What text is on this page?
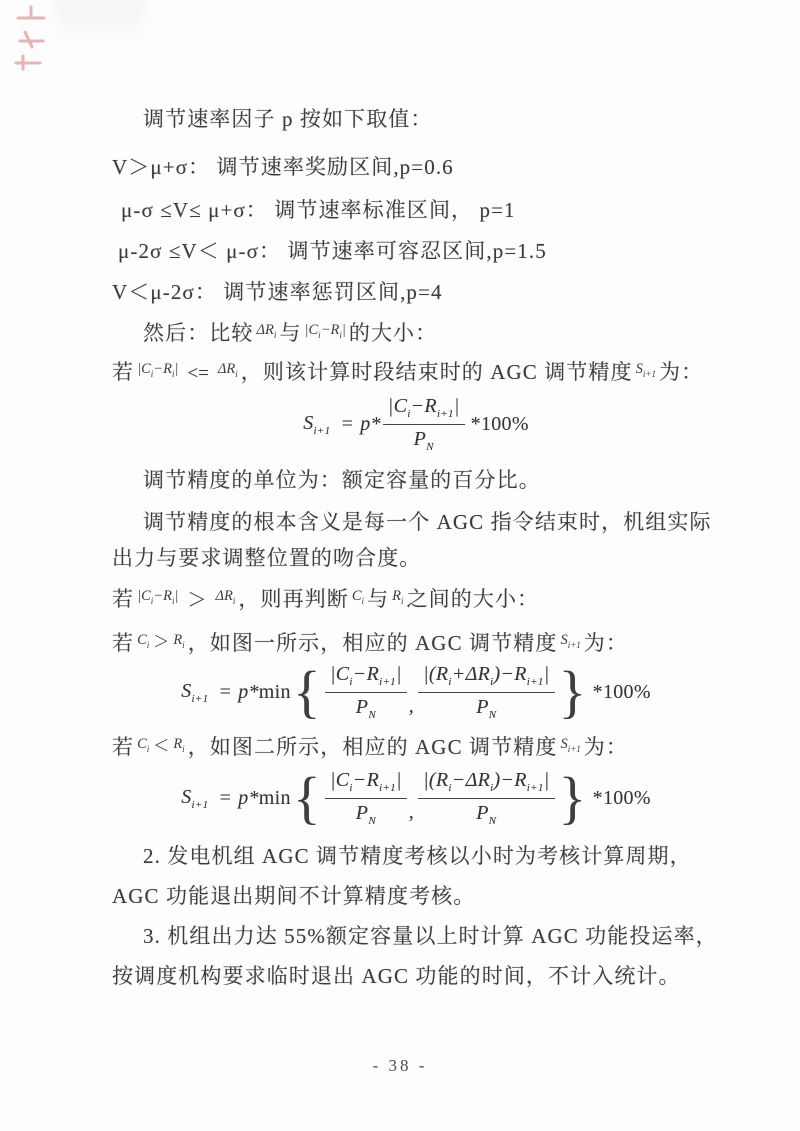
调节速率因子 p 按如下取值：
V＞μ+σ： 调节速率奖励区间,p=0.6
μ-σ ≤V≤ μ+σ： 调节速率标准区间， p=1
μ-2σ ≤V＜ μ-σ： 调节速率可容忍区间,p=1.5
V＜μ-2σ： 调节速率惩罚区间,p=4
然后：比较 $\Delta R_i$ 与 $|C_i-R_i|$ 的大小：
若 $|C_i-R_i| <= \Delta R_i$ ，则该计算时段结束时的 AGC 调节精度 $S_{i+1}$ 为：
$S_{i+1} = p* \frac{|C_i-R_{i+1}|}{P_N} *100\%$
调节精度的单位为：额定容量的百分比。
调节精度的根本含义是每一个 AGC 指令结束时，机组实际
出力与要求调整位置的吻合度。
若 $|C_i-R_i| > \Delta R_i$ ，则再判断 $C_i$ 与 $R_i$ 之间的大小：
若 $C_i > R_i$ ，如图一所示，相应的 AGC 调节精度 $S_{i+1}$ 为：
$S_{i+1} = p*$ min { $\frac{|C_i-R_{i+1}|}{P_N}$ , $\frac{|(R_i+\Delta R_i)-R_{i+1}|}{P_N}$ } *100%
若 $C_i < R_i$ ，如图二所示，相应的 AGC 调节精度 $S_{i+1}$ 为：
$S_{i+1} = p*$ min { $\frac{|C_i-R_{i+1}|}{P_N}$ , $\frac{|(R_i-\Delta R_i)-R_{i+1}|}{P_N}$ } *100%
2. 发电机组 AGC 调节精度考核以小时为考核计算周期，
AGC 功能退出期间不计算精度考核。
3. 机组出力达 55%额定容量以上时计算 AGC 功能投运率，
按调度机构要求临时退出 AGC 功能的时间，不计入统计。
- 38 -
